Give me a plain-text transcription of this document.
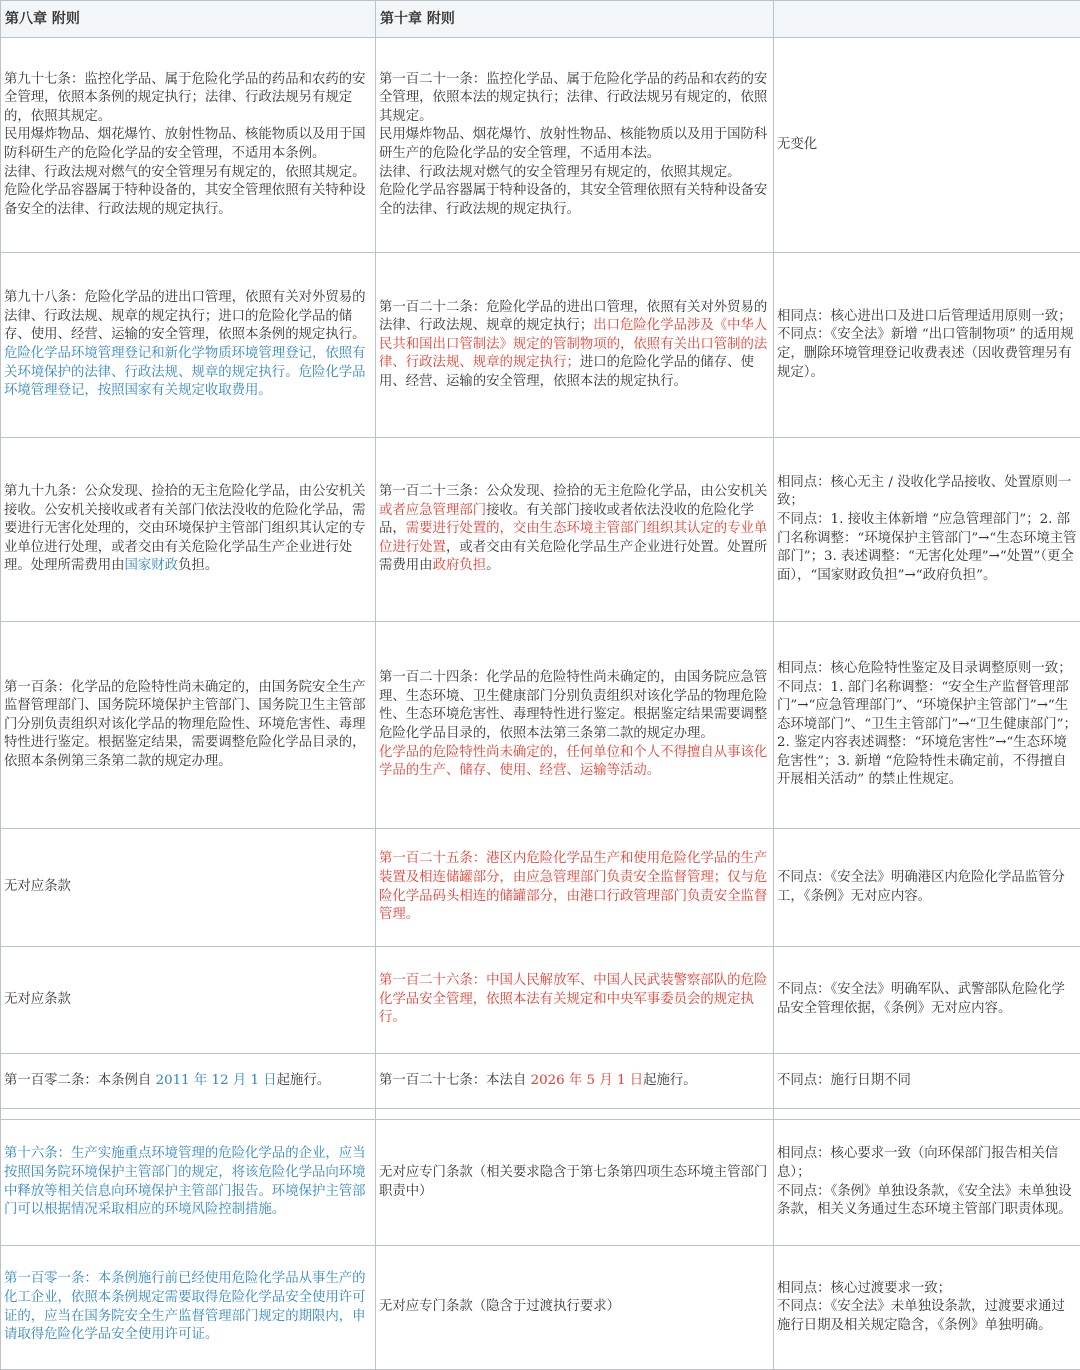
第八章 附则	第十章 附则	

第九十七条：监控化学品、属于危险化学品的药品和农药的安全管理，依照本条例的规定执行；法律、行政法规另有规定的，依照其规定。
民用爆炸物品、烟花爆竹、放射性物品、核能物质以及用于国防科研生产的危险化学品的安全管理，不适用本条例。
法律、行政法规对燃气的安全管理另有规定的，依照其规定。
危险化学品容器属于特种设备的，其安全管理依照有关特种设备安全的法律、行政法规的规定执行。	第一百二十一条：监控化学品、属于危险化学品的药品和农药的安全管理，依照本法的规定执行；法律、行政法规另有规定的，依照其规定。
民用爆炸物品、烟花爆竹、放射性物品、核能物质以及用于国防科研生产的危险化学品的安全管理，不适用本法。
法律、行政法规对燃气的安全管理另有规定的，依照其规定。
危险化学品容器属于特种设备的，其安全管理依照有关特种设备安全的法律、行政法规的规定执行。	无变化

第九十八条：危险化学品的进出口管理，依照有关对外贸易的法律、行政法规、规章的规定执行；进口的危险化学品的储存、使用、经营、运输的安全管理，依照本条例的规定执行。
危险化学品环境管理登记和新化学物质环境管理登记，依照有关环境保护的法律、行政法规、规章的规定执行。危险化学品环境管理登记，按照国家有关规定收取费用。	第一百二十二条：危险化学品的进出口管理，依照有关对外贸易的法律、行政法规、规章的规定执行；出口危险化学品涉及《中华人民共和国出口管制法》规定的管制物项的，依照有关出口管制的法律、行政法规、规章的规定执行；进口的危险化学品的储存、使用、经营、运输的安全管理，依照本法的规定执行。	相同点：核心进出口及进口后管理适用原则一致；
不同点：《安全法》新增 “出口管制物项” 的适用规定，删除环境管理登记收费表述（因收费管理另有规定）。

第九十九条：公众发现、捡拾的无主危险化学品，由公安机关接收。公安机关接收或者有关部门依法没收的危险化学品，需要进行无害化处理的，交由环境保护主管部门组织其认定的专业单位进行处理，或者交由有关危险化学品生产企业进行处理。处理所需费用由国家财政负担。	第一百二十三条：公众发现、捡拾的无主危险化学品，由公安机关或者应急管理部门接收。有关部门接收或者依法没收的危险化学品，需要进行处置的，交由生态环境主管部门组织其认定的专业单位进行处置，或者交由有关危险化学品生产企业进行处置。处置所需费用由政府负担。	相同点：核心无主 / 没收化学品接收、处置原则一致；
不同点：1. 接收主体新增 “应急管理部门”；2. 部门名称调整：“环境保护主管部门”→“生态环境主管部门”；3. 表述调整：“无害化处理”→“处置”（更全面），“国家财政负担”→“政府负担”。

第一百条：化学品的危险特性尚未确定的，由国务院安全生产监督管理部门、国务院环境保护主管部门、国务院卫生主管部门分别负责组织对该化学品的物理危险性、环境危害性、毒理特性进行鉴定。根据鉴定结果，需要调整危险化学品目录的，依照本条例第三条第二款的规定办理。	第一百二十四条：化学品的危险特性尚未确定的，由国务院应急管理、生态环境、卫生健康部门分别负责组织对该化学品的物理危险性、生态环境危害性、毒理特性进行鉴定。根据鉴定结果需要调整危险化学品目录的，依照本法第三条第二款的规定办理。
化学品的危险特性尚未确定的，任何单位和个人不得擅自从事该化学品的生产、储存、使用、经营、运输等活动。	相同点：核心危险特性鉴定及目录调整原则一致；
不同点：1. 部门名称调整：“安全生产监督管理部门”→“应急管理部门”、“环境保护主管部门”→“生态环境部门”、“卫生主管部门”→“卫生健康部门”；2. 鉴定内容表述调整：“环境危害性”→“生态环境危害性”；3. 新增 “危险特性未确定前，不得擅自开展相关活动” 的禁止性规定。

无对应条款	第一百二十五条：港区内危险化学品生产和使用危险化学品的生产装置及相连储罐部分，由应急管理部门负责安全监督管理；仅与危险化学品码头相连的储罐部分，由港口行政管理部门负责安全监督管理。	不同点：《安全法》明确港区内危险化学品监管分工，《条例》无对应内容。

无对应条款	第一百二十六条：中国人民解放军、中国人民武装警察部队的危险化学品安全管理，依照本法有关规定和中央军事委员会的规定执行。	不同点：《安全法》明确军队、武警部队危险化学品安全管理依据，《条例》无对应内容。

第一百零二条：本条例自 2011 年 12 月 1 日起施行。	第一百二十七条：本法自 2026 年 5 月 1 日起施行。	不同点：施行日期不同

第十六条：生产实施重点环境管理的危险化学品的企业，应当按照国务院环境保护主管部门的规定，将该危险化学品向环境中释放等相关信息向环境保护主管部门报告。环境保护主管部门可以根据情况采取相应的环境风险控制措施。	无对应专门条款（相关要求隐含于第七条第四项生态环境主管部门职责中）	相同点：核心要求一致（向环保部门报告相关信息）；
不同点：《条例》单独设条款，《安全法》未单独设条款，相关义务通过生态环境主管部门职责体现。

第一百零一条：本条例施行前已经使用危险化学品从事生产的化工企业，依照本条例规定需要取得危险化学品安全使用许可证的，应当在国务院安全生产监督管理部门规定的期限内，申请取得危险化学品安全使用许可证。	无对应专门条款（隐含于过渡执行要求）	相同点：核心过渡要求一致；
不同点：《安全法》未单独设条款，过渡要求通过施行日期及相关规定隐含，《条例》单独明确。
